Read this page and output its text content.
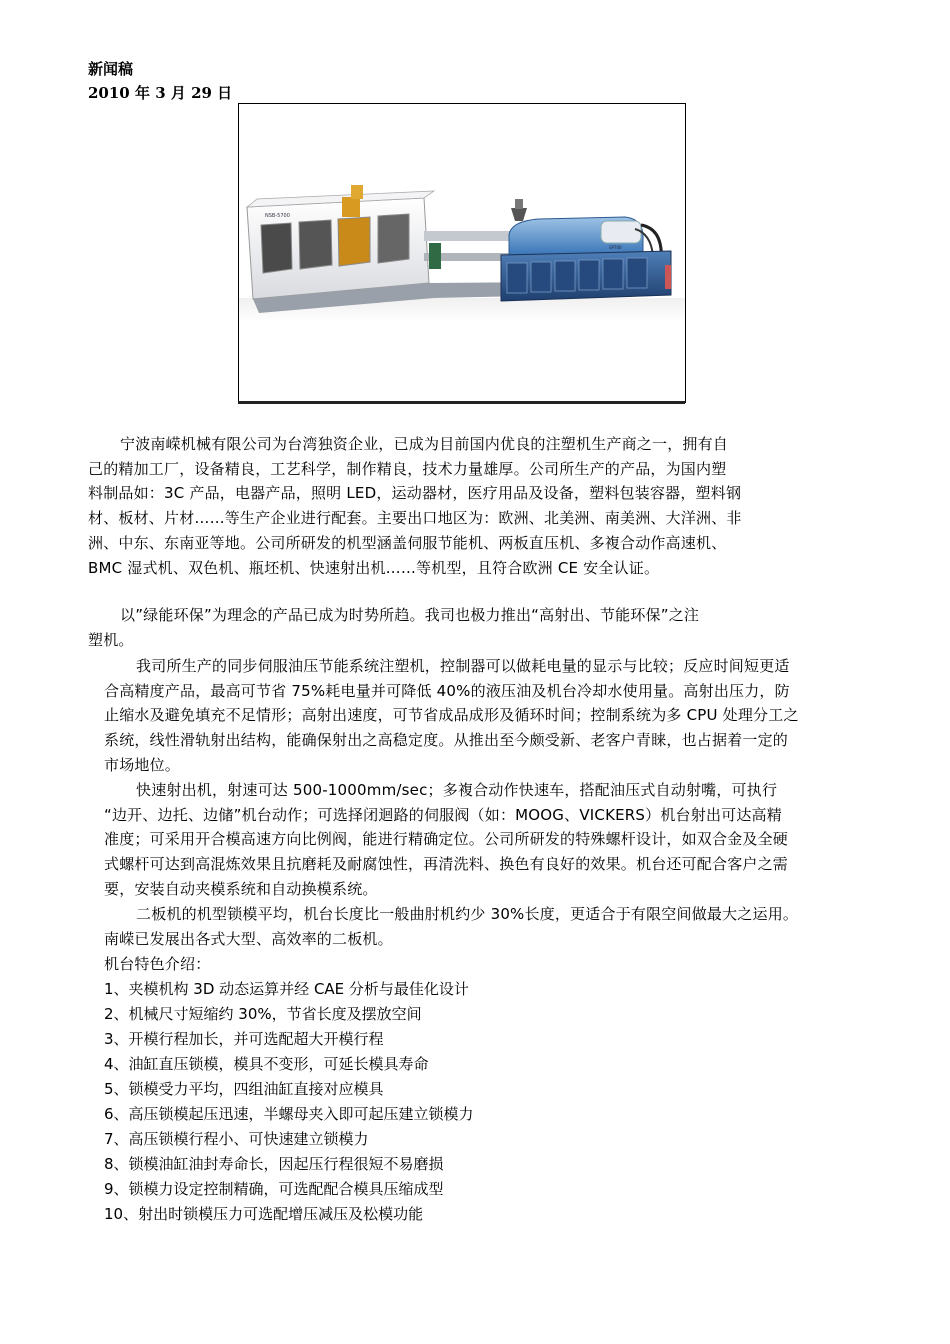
新闻稿
2010 年 3 月 29 日
NSB-5700
SP700
宁波南嵘机械有限公司为台湾独资企业，已成为目前国内优良的注塑机生产商之一，拥有自
己的精加工厂，设备精良，工艺科学，制作精良，技术力量雄厚。公司所生产的产品，为国内塑
料制品如：3C 产品，电器产品，照明 LED，运动器材，医疗用品及设备，塑料包装容器，塑料钢
材、板材、片材……等生产企业进行配套。主要出口地区为：欧洲、北美洲、南美洲、大洋洲、非
洲、中东、东南亚等地。公司所研发的机型涵盖伺服节能机、两板直压机、多複合动作高速机、
BMC 湿式机、双色机、瓶坯机、快速射出机……等机型，且符合欧洲 CE 安全认证。
以”绿能环保”为理念的产品已成为时势所趋。我司也极力推出“高射出、节能环保”之注
塑机。
我司所生产的同步伺服油压节能系统注塑机，控制器可以做耗电量的显示与比较；反应时间短更适
合高精度产品，最高可节省 75%耗电量并可降低 40%的液压油及机台冷却水使用量。高射出压力，防
止缩水及避免填充不足情形；高射出速度，可节省成品成形及循环时间；控制系统为多 CPU 处理分工之
系统，线性滑轨射出结构，能确保射出之高稳定度。从推出至今颇受新、老客户青睐，也占据着一定的
市场地位。
快速射出机，射速可达 500-1000mm/sec；多複合动作快速车，搭配油压式自动射嘴，可执行
“边开、边托、边储”机台动作；可选择闭迴路的伺服阀（如：MOOG、VICKERS）机台射出可达高精
准度；可采用开合模高速方向比例阀，能进行精确定位。公司所研发的特殊螺杆设计，如双合金及全硬
式螺杆可达到高混炼效果且抗磨耗及耐腐蚀性，再清洗料、换色有良好的效果。机台还可配合客户之需
要，安装自动夹模系统和自动换模系统。
二板机的机型锁模平均，机台长度比一般曲肘机约少 30%长度，更适合于有限空间做最大之运用。
南嵘已发展出各式大型、高效率的二板机。
机台特色介绍：
1、夹模机构 3D 动态运算并经 CAE 分析与最佳化设计
2、机械尺寸短缩约 30%，节省长度及摆放空间
3、开模行程加长，并可选配超大开模行程
4、油缸直压锁模，模具不变形，可延长模具寿命
5、锁模受力平均，四组油缸直接对应模具
6、高压锁模起压迅速，半螺母夹入即可起压建立锁模力
7、高压锁模行程小、可快速建立锁模力
8、锁模油缸油封寿命长，因起压行程很短不易磨损
9、锁模力设定控制精确，可选配配合模具压缩成型
10、射出时锁模压力可选配增压减压及松模功能
